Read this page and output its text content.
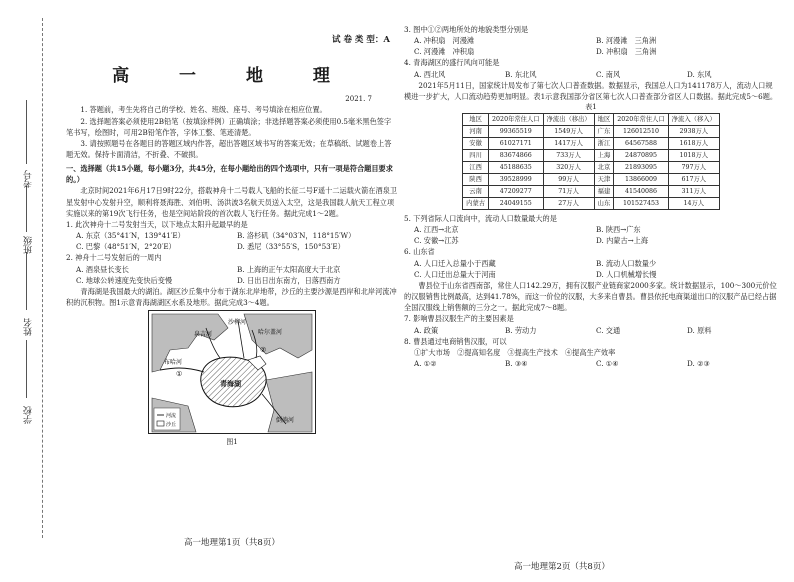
学校
姓名
班级
考号
试 卷 类 型：A
高 一 地 理
2021. 7

1. 答题前，考生先将自己的学校、姓名、班级、座号、考号填涂在相应位置。

2. 选择题答案必须使用2B铅笔（按填涂样例）正确填涂；非选择题答案必须使用0.5毫米黑色签字笔书写，绘图时，可用2B铅笔作答，字体工整、笔迹清楚。

3. 请按照题号在各题目的答题区域内作答，超出答题区域书写的答案无效；在草稿纸、试题卷上答题无效。保持卡面清洁，不折叠、不破损。

一、选择题（共15小题，每小题3分，共45分，在每小题给出的四个选项中，只有一项是符合题目要求的。）

北京时间2021年6月17日9时22分，搭载神舟十二号载人飞船的长征二号F遥十二运载火箭在酒泉卫星发射中心发射升空，顺利将聂海胜、刘伯明、汤洪波3名航天员送入太空，这是我国载人航天工程立项实施以来的第19次飞行任务，也是空间站阶段的首次载人飞行任务。据此完成1～2题。

1. 此次神舟十二号发射当天，以下地点太阳升起最早的是

A. 东京（35°41′N，139°41′E）	B. 洛杉矶（34°03′N，118°15′W）
C. 巴黎（48°51′N，2°20′E）	D. 悉尼（33°55′S，150°53′E）

2. 神舟十二号发射后的一周内

A. 酒泉昼长变长	B. 上海的正午太阳高度大于北京
C. 地球公转速度先变快后变慢	D. 日出日出东南方，日落西南方

青海湖是我国最大的湖泊。湖区沙丘集中分布于湖东北岸地带，沙丘的主要沙源是西岸和北岸河流冲积的沉积物。图1示意青海湖湖区水系及地形。据此完成3～4题。

布哈河
泉吉河
沙柳河
哈尔盖河
青海湖
倒淌河
①
②
河流
沙丘
图1
高一地理第1页（共8页）

3. 图中①②两地所处的地貌类型分别是

A. 冲积扇　河漫滩	B. 河漫滩　三角洲
C. 河漫滩　冲积扇	D. 冲积扇　三角洲

4. 青海湖区的盛行风向可能是

A. 西北风	B. 东北风	C. 南风	D. 东风

2021年5月11日，国家统计局发布了第七次人口普查数据。数据显示，我国总人口为141178万人，流动人口规模进一步扩大，人口流动趋势更加明显。表1示意我国部分省区第七次人口普查部分省区人口数据。据此完成5～6题。

表1
地区	2020年常住人口	净流出（移出）	地区	2020年常住人口	净流入（移入）
河南	99365519	1549万人	广东	126012510	2938万人
安徽	61027171	1417万人	浙江	64567588	1618万人
四川	83674866	733万人	上海	24870895	1018万人
江西	45188635	320万人	北京	21893095	797万人
陕西	39528999	99万人	天津	13866009	617万人
云南	47209277	71万人	福建	41540086	311万人
内蒙古	24049155	27万人	山东	101527453	14万人

5. 下列省际人口流向中，流动人口数量最大的是

A. 江西→北京	B. 陕西→广东
C. 安徽→江苏	D. 内蒙古→上海

6. 山东省

A. 人口迁入总量小于西藏	B. 流动人口数量少
C. 人口迁出总量大于河南	D. 人口机械增长慢

曹县位于山东省西南部，常住人口142.29万，拥有汉服产业链商家2000多家。统计数据显示，100～300元价位的汉服销售比例最高，达到41.78%，而这一价位的汉服，大多来自曹县。曹县依托电商渠道出口的汉服产品已经占据全国汉服线上销售额的三分之一。据此完成7～8题。

7. 影响曹县汉服生产的主要因素是

A. 政策	B. 劳动力	C. 交通	D. 原料

8. 曹县通过电商销售汉服，可以

①扩大市场　②提高知名度　③提高生产技术　④提高生产效率

A. ①②	B. ③④	C. ①④	D. ②③
高一地理第2页（共8页）
